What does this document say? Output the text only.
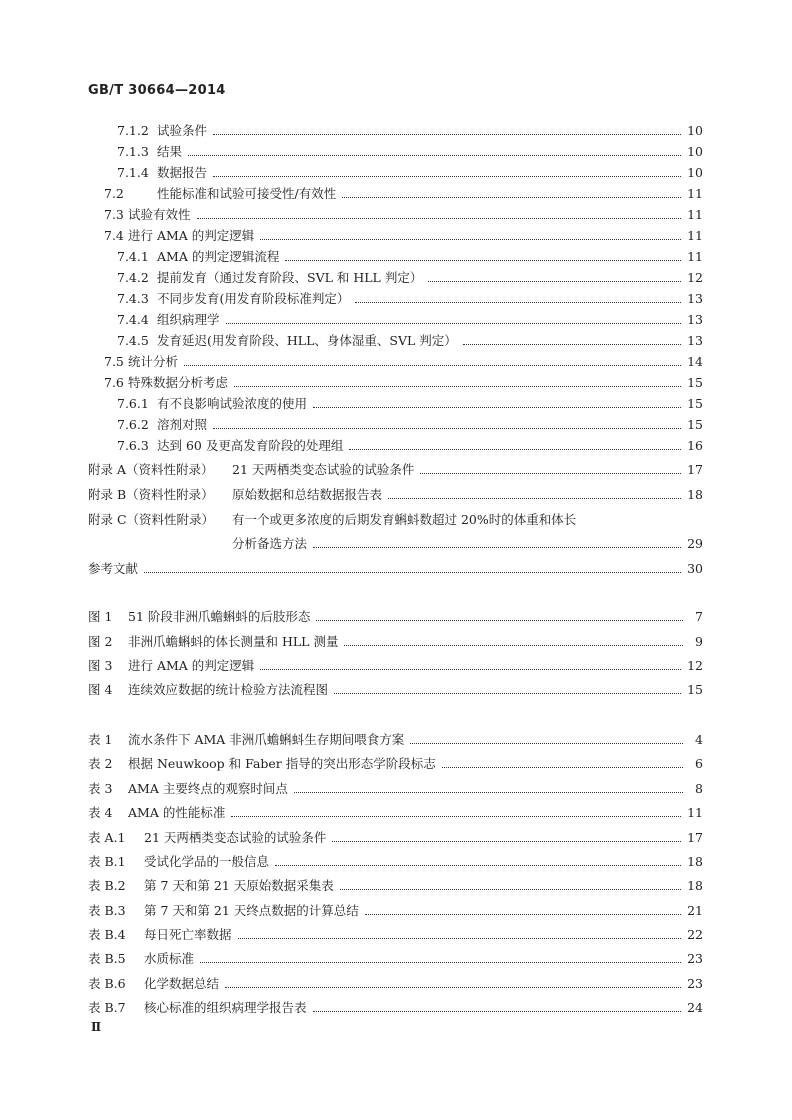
GB/T 30664—2014
7.1.2 试验条件	10
7.1.3 结果	10
7.1.4 数据报告	10
7.2	性能标准和试验可接受性/有效性	11
7.3 试验有效性	11
7.4 进行 AMA 的判定逻辑	11
7.4.1 AMA 的判定逻辑流程	11
7.4.2 提前发育（通过发育阶段、SVL 和 HLL 判定）	12
7.4.3 不同步发育(用发育阶段标准判定）	13
7.4.4 组织病理学	13
7.4.5 发育延迟(用发育阶段、HLL、身体湿重、SVL 判定）	13
7.5 统计分析	14
7.6 特殊数据分析考虑	15
7.6.1 有不良影响试验浓度的使用	15
7.6.2 溶剂对照	15
7.6.3 达到 60 及更高发育阶段的处理组	16
附录 A（资料性附录）	21 天两栖类变态试验的试验条件	17
附录 B（资料性附录）	原始数据和总结数据报告表	18
附录 C（资料性附录）	有一个或更多浓度的后期发育蝌蚪数超过 20%时的体重和体长
分析备选方法	29
参考文献	30
图 1	51 阶段非洲爪蟾蝌蚪的后肢形态	7
图 2	非洲爪蟾蝌蚪的体长测量和 HLL 测量	9
图 3	进行 AMA 的判定逻辑	12
图 4	连续效应数据的统计检验方法流程图	15
表 1	流水条件下 AMA 非洲爪蟾蝌蚪生存期间喂食方案	4
表 2	根据 Neuwkoop 和 Faber 指导的突出形态学阶段标志	6
表 3	AMA 主要终点的观察时间点	8
表 4	AMA 的性能标准	11
表 A.1	21 天两栖类变态试验的试验条件	17
表 B.1	受试化学品的一般信息	18
表 B.2	第 7 天和第 21 天原始数据采集表	18
表 B.3	第 7 天和第 21 天终点数据的计算总结	21
表 B.4	每日死亡率数据	22
表 B.5	水质标准	23
表 B.6	化学数据总结	23
表 B.7	核心标准的组织病理学报告表	24
Ⅱ
